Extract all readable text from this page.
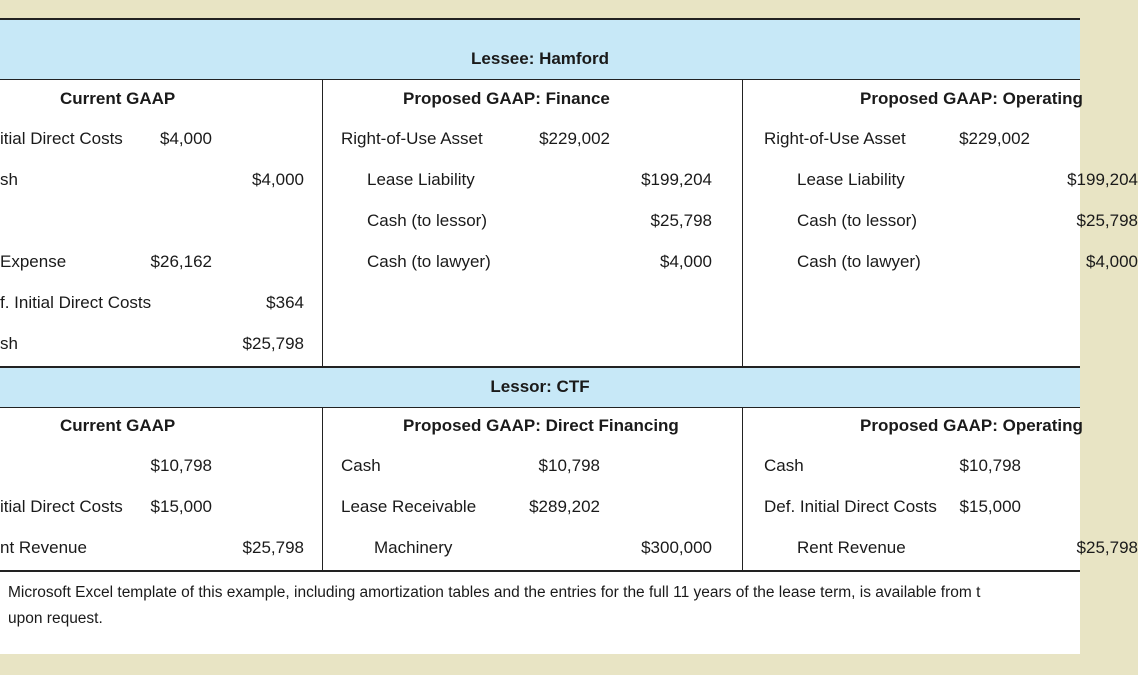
Lessee: Hamford
Current GAAP
itial Direct Costs $4,000
sh	$4,000
Expense	$26,162
f. Initial Direct Costs	$364
sh	$25,798
Proposed GAAP: Finance
Right-of-Use Asset	$229,002
Lease Liability	$199,204
Cash (to lessor)	$25,798
Cash (to lawyer)	$4,000
Proposed GAAP: Operating
Right-of-Use Asset	$229,002
Lease Liability	$199,204
Cash (to lessor)	$25,798
Cash (to lawyer)	$4,000
Lessor: CTF
Current GAAP
$10,798
itial Direct Costs $15,000
nt Revenue	$25,798
Proposed GAAP: Direct Financing
Cash	$10,798
Lease Receivable	$289,202
Machinery	$300,000
Proposed GAAP: Operating
Cash	$10,798
Def. Initial Direct Costs $15,000
Rent Revenue	$25,798
Microsoft Excel template of this example, including amortization tables and the entries for the full 11 years of the lease term, is available from t
upon request.
